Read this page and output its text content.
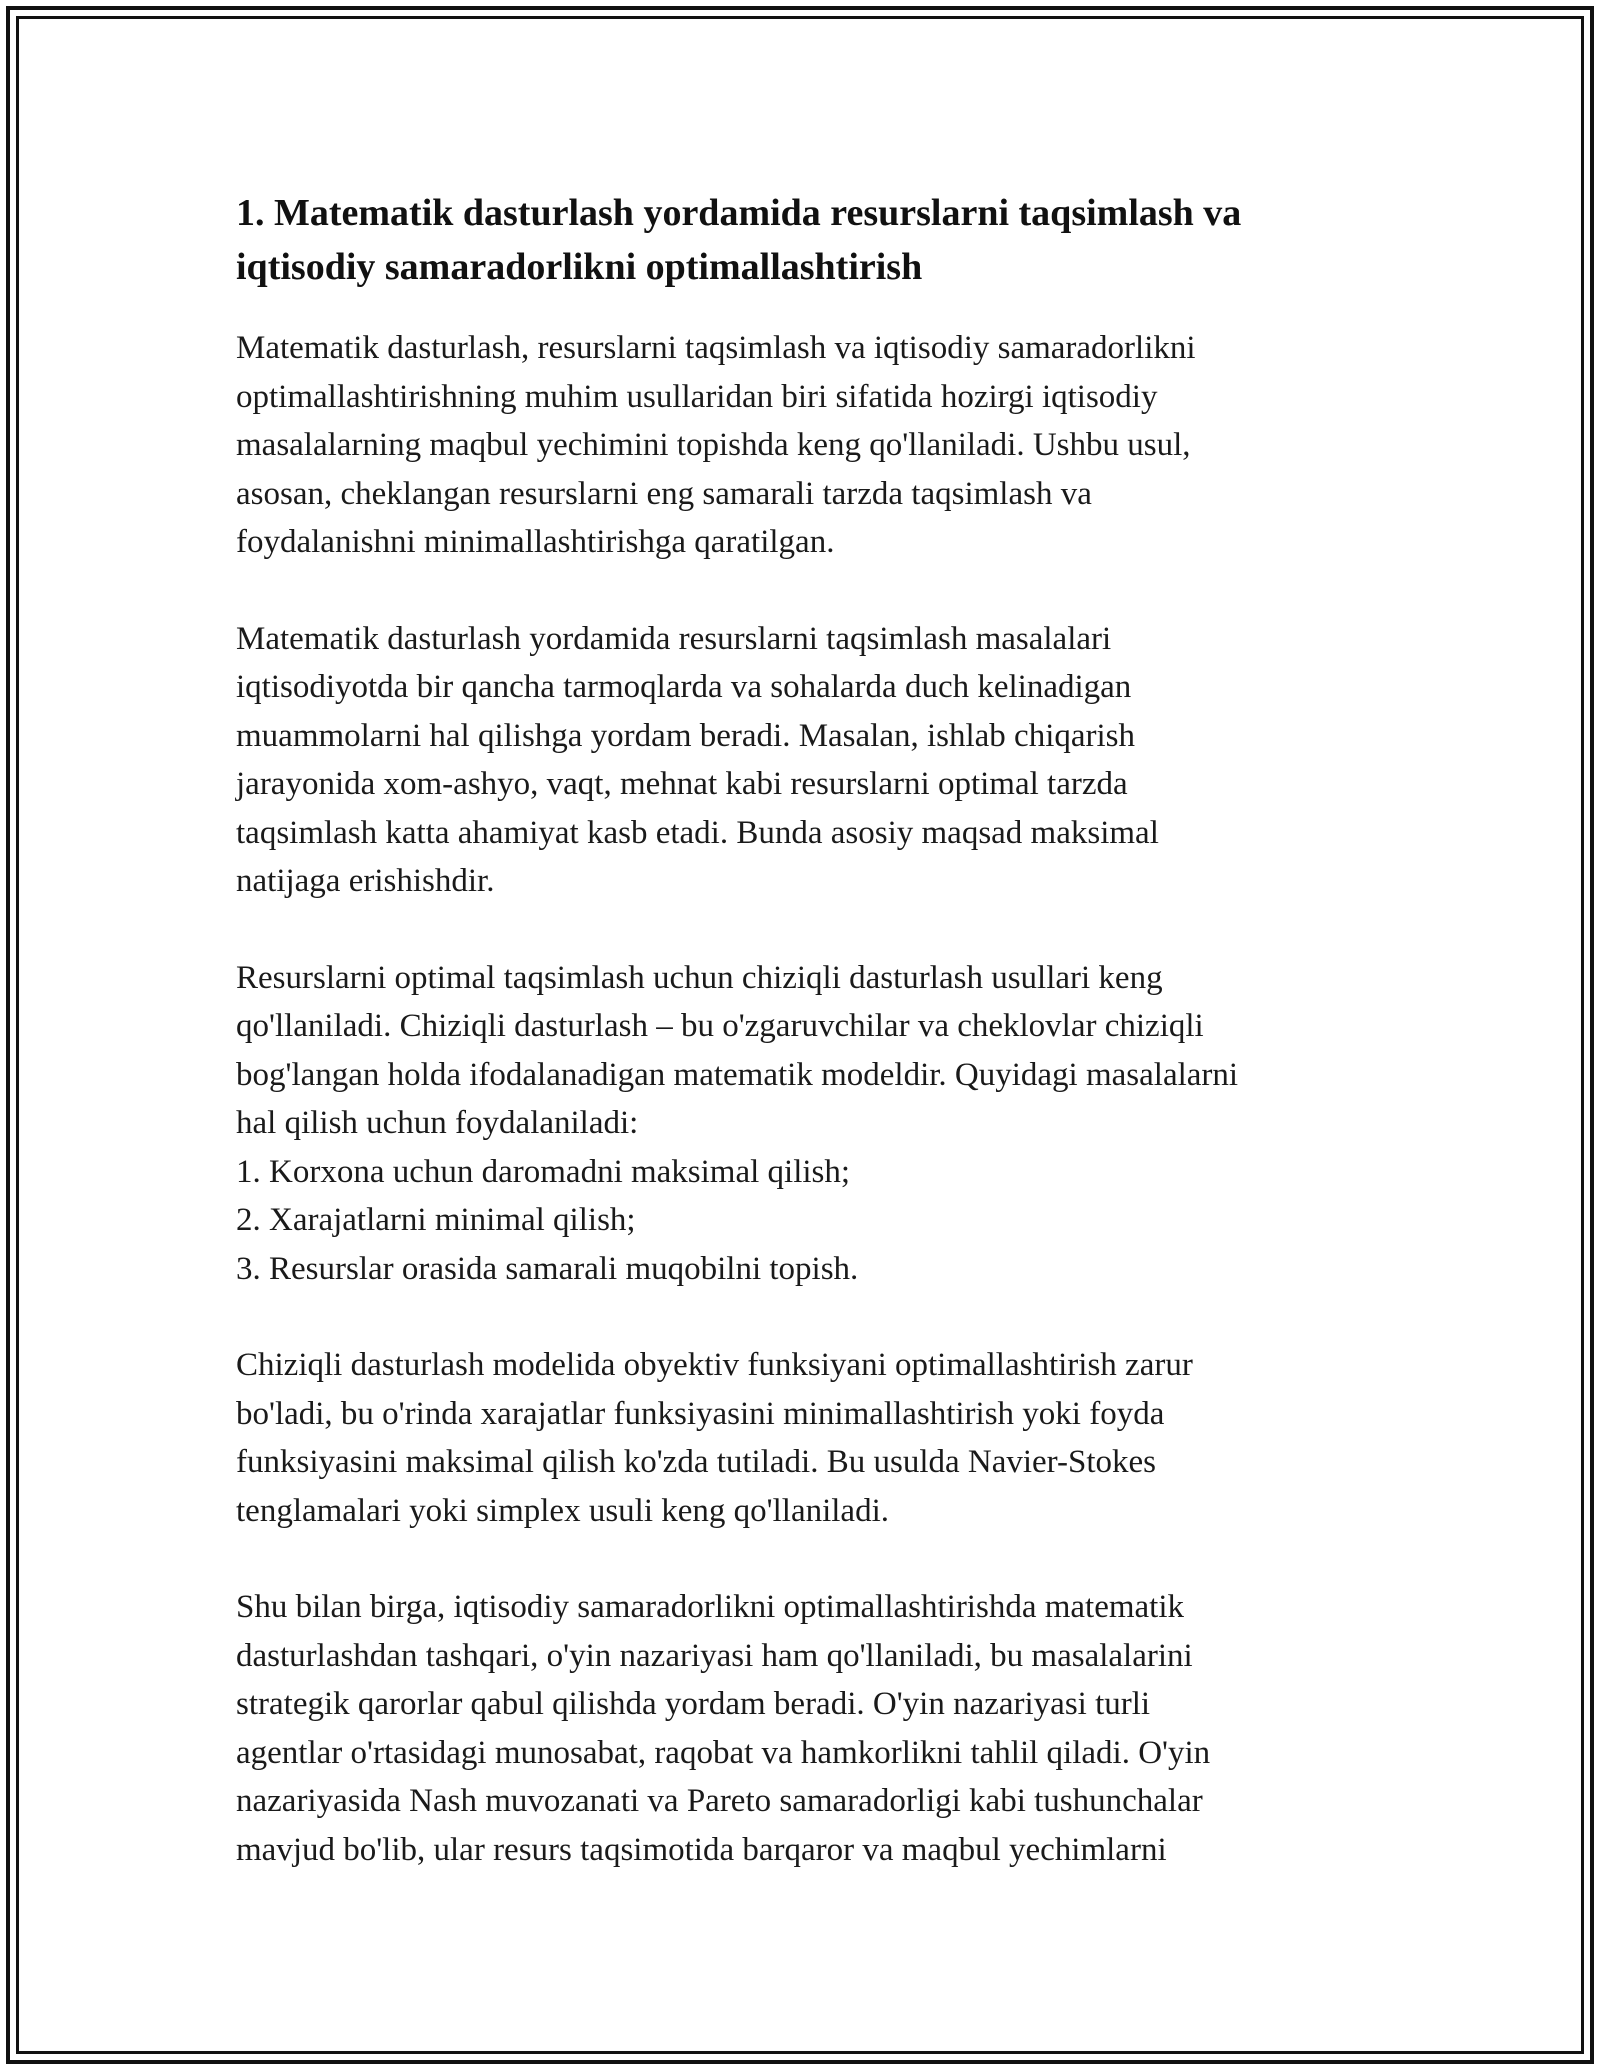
1. Matematik dasturlash yordamida resurslarni taqsimlash va
iqtisodiy samaradorlikni optimallashtirish

Matematik dasturlash, resurslarni taqsimlash va iqtisodiy samaradorlikni
optimallashtirishning muhim usullaridan biri sifatida hozirgi iqtisodiy
masalalarning maqbul yechimini topishda keng qo'llaniladi. Ushbu usul,
asosan, cheklangan resurslarni eng samarali tarzda taqsimlash va
foydalanishni minimallashtirishga qaratilgan.

Matematik dasturlash yordamida resurslarni taqsimlash masalalari
iqtisodiyotda bir qancha tarmoqlarda va sohalarda duch kelinadigan
muammolarni hal qilishga yordam beradi. Masalan, ishlab chiqarish
jarayonida xom-ashyo, vaqt, mehnat kabi resurslarni optimal tarzda
taqsimlash katta ahamiyat kasb etadi. Bunda asosiy maqsad maksimal
natijaga erishishdir.

Resurslarni optimal taqsimlash uchun chiziqli dasturlash usullari keng
qo'llaniladi. Chiziqli dasturlash – bu o'zgaruvchilar va cheklovlar chiziqli
bog'langan holda ifodalanadigan matematik modeldir. Quyidagi masalalarni
hal qilish uchun foydalaniladi:
1. Korxona uchun daromadni maksimal qilish;
2. Xarajatlarni minimal qilish;
3. Resurslar orasida samarali muqobilni topish.

Chiziqli dasturlash modelida obyektiv funksiyani optimallashtirish zarur
bo'ladi, bu o'rinda xarajatlar funksiyasini minimallashtirish yoki foyda
funksiyasini maksimal qilish ko'zda tutiladi. Bu usulda Navier-Stokes
tenglamalari yoki simplex usuli keng qo'llaniladi.

Shu bilan birga, iqtisodiy samaradorlikni optimallashtirishda matematik
dasturlashdan tashqari, o'yin nazariyasi ham qo'llaniladi, bu masalalarini
strategik qarorlar qabul qilishda yordam beradi. O'yin nazariyasi turli
agentlar o'rtasidagi munosabat, raqobat va hamkorlikni tahlil qiladi. O'yin
nazariyasida Nash muvozanati va Pareto samaradorligi kabi tushunchalar
mavjud bo'lib, ular resurs taqsimotida barqaror va maqbul yechimlarni
